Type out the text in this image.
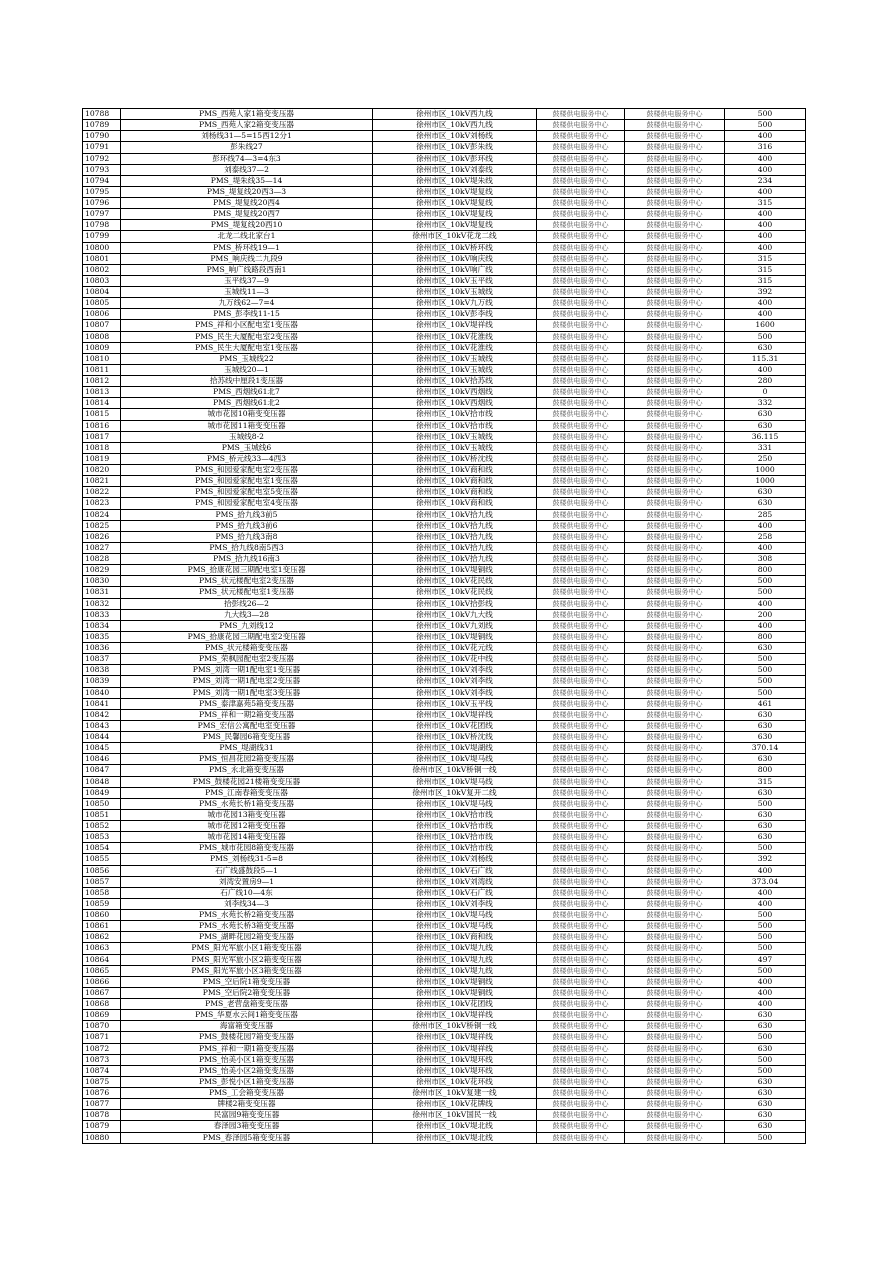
10788	PMS_西苑人家1箱变变压器	徐州市区_10kV西九线	鼓楼供电服务中心	鼓楼供电服务中心	500
10789	PMS_西苑人家2箱变变压器	徐州市区_10kV西九线	鼓楼供电服务中心	鼓楼供电服务中心	500
10790	刘杨线31—5=15西12分1	徐州市区_10kV刘杨线	鼓楼供电服务中心	鼓楼供电服务中心	400
10791	彭朱线27	徐州市区_10kV彭朱线	鼓楼供电服务中心	鼓楼供电服务中心	316
10792	彭环线74—3=4东3	徐州市区_10kV彭环线	鼓楼供电服务中心	鼓楼供电服务中心	400
10793	刘泰线37—2	徐州市区_10kV刘泰线	鼓楼供电服务中心	鼓楼供电服务中心	400
10794	PMS_堤朱线35—14	徐州市区_10kV堤朱线	鼓楼供电服务中心	鼓楼供电服务中心	234
10795	PMS_堤复线20西3—3	徐州市区_10kV堤复线	鼓楼供电服务中心	鼓楼供电服务中心	400
10796	PMS_堤复线20西4	徐州市区_10kV堤复线	鼓楼供电服务中心	鼓楼供电服务中心	315
10797	PMS_堤复线20西7	徐州市区_10kV堤复线	鼓楼供电服务中心	鼓楼供电服务中心	400
10798	PMS_堤复线20西10	徐州市区_10kV堤复线	鼓楼供电服务中心	鼓楼供电服务中心	400
10799	北龙二线北家台1	徐州市区_10kV花龙二线	鼓楼供电服务中心	鼓楼供电服务中心	400
10800	PMS_桥环线19—1	徐州市区_10kV桥环线	鼓楼供电服务中心	鼓楼供电服务中心	400
10801	PMS_响庆线二九段9	徐州市区_10kV响庆线	鼓楼供电服务中心	鼓楼供电服务中心	315
10802	PMS_响广线路段西南1	徐州市区_10kV响广线	鼓楼供电服务中心	鼓楼供电服务中心	315
10803	玉平线37—9	徐州市区_10kV玉平线	鼓楼供电服务中心	鼓楼供电服务中心	315
10804	玉城线11—3	徐州市区_10kV玉城线	鼓楼供电服务中心	鼓楼供电服务中心	392
10805	九万线62—7=4	徐州市区_10kV九万线	鼓楼供电服务中心	鼓楼供电服务中心	400
10806	PMS_彭李线11-15	徐州市区_10kV彭李线	鼓楼供电服务中心	鼓楼供电服务中心	400
10807	PMS_祥和小区配电室1变压器	徐州市区_10kV堤祥线	鼓楼供电服务中心	鼓楼供电服务中心	1600
10808	PMS_民生大厦配电室2变压器	徐州市区_10kV花淮线	鼓楼供电服务中心	鼓楼供电服务中心	500
10809	PMS_民生大厦配电室1变压器	徐州市区_10kV花淮线	鼓楼供电服务中心	鼓楼供电服务中心	630
10810	PMS_玉城线22	徐州市区_10kV玉城线	鼓楼供电服务中心	鼓楼供电服务中心	115.31
10811	玉城线20—1	徐州市区_10kV玉城线	鼓楼供电服务中心	鼓楼供电服务中心	400
10812	拾苏线中厘段1变压器	徐州市区_10kV拾苏线	鼓楼供电服务中心	鼓楼供电服务中心	280
10813	PMS_西烟线61北7	徐州市区_10kV西烟线	鼓楼供电服务中心	鼓楼供电服务中心	0
10814	PMS_西烟线61北2	徐州市区_10kV西烟线	鼓楼供电服务中心	鼓楼供电服务中心	332
10815	城市花园10箱变变压器	徐州市区_10kV拾市线	鼓楼供电服务中心	鼓楼供电服务中心	630
10816	城市花园11箱变变压器	徐州市区_10kV拾市线	鼓楼供电服务中心	鼓楼供电服务中心	630
10817	玉城线8-2	徐州市区_10kV玉城线	鼓楼供电服务中心	鼓楼供电服务中心	36.115
10818	PMS_玉城线6	徐州市区_10kV玉城线	鼓楼供电服务中心	鼓楼供电服务中心	331
10819	PMS_桥元线33—4西3	徐州市区_10kV桥沈线	鼓楼供电服务中心	鼓楼供电服务中心	250
10820	PMS_和园爱家配电室2变压器	徐州市区_10kV商和线	鼓楼供电服务中心	鼓楼供电服务中心	1000
10821	PMS_和园爱家配电室1变压器	徐州市区_10kV商和线	鼓楼供电服务中心	鼓楼供电服务中心	1000
10822	PMS_和园爱家配电室5变压器	徐州市区_10kV商和线	鼓楼供电服务中心	鼓楼供电服务中心	630
10823	PMS_和园爱家配电室4变压器	徐州市区_10kV商和线	鼓楼供电服务中心	鼓楼供电服务中心	630
10824	PMS_拾九线3前5	徐州市区_10kV拾九线	鼓楼供电服务中心	鼓楼供电服务中心	285
10825	PMS_拾九线3前6	徐州市区_10kV拾九线	鼓楼供电服务中心	鼓楼供电服务中心	400
10826	PMS_拾九线3南8	徐州市区_10kV拾九线	鼓楼供电服务中心	鼓楼供电服务中心	258
10827	PMS_拾九线8南5西3	徐州市区_10kV拾九线	鼓楼供电服务中心	鼓楼供电服务中心	400
10828	PMS_拾九线16南3	徐州市区_10kV拾九线	鼓楼供电服务中心	鼓楼供电服务中心	308
10829	PMS_拾康花园三期配电室1变压器	徐州市区_10kV堤铜线	鼓楼供电服务中心	鼓楼供电服务中心	800
10830	PMS_状元楼配电室2变压器	徐州市区_10kV花民线	鼓楼供电服务中心	鼓楼供电服务中心	500
10831	PMS_状元楼配电室1变压器	徐州市区_10kV花民线	鼓楼供电服务中心	鼓楼供电服务中心	500
10832	拾彭线26—2	徐州市区_10kV拾彭线	鼓楼供电服务中心	鼓楼供电服务中心	400
10833	九大线3—28	徐州市区_10kV九大线	鼓楼供电服务中心	鼓楼供电服务中心	200
10834	PMS_九刘线12	徐州市区_10kV九刘线	鼓楼供电服务中心	鼓楼供电服务中心	400
10835	PMS_拾康花园三期配电室2变压器	徐州市区_10kV堤铜线	鼓楼供电服务中心	鼓楼供电服务中心	800
10836	PMS_状元楼箱变变压器	徐州市区_10kV花元线	鼓楼供电服务中心	鼓楼供电服务中心	630
10837	PMS_荣枫园配电室2变压器	徐州市区_10kV花中线	鼓楼供电服务中心	鼓楼供电服务中心	500
10838	PMS_刘湾一期1配电室1变压器	徐州市区_10kV刘李线	鼓楼供电服务中心	鼓楼供电服务中心	500
10839	PMS_刘湾一期1配电室2变压器	徐州市区_10kV刘李线	鼓楼供电服务中心	鼓楼供电服务中心	500
10840	PMS_刘湾一期1配电室3变压器	徐州市区_10kV刘李线	鼓楼供电服务中心	鼓楼供电服务中心	500
10841	PMS_泰津嘉苑5箱变变压器	徐州市区_10kV玉平线	鼓楼供电服务中心	鼓楼供电服务中心	461
10842	PMS_祥和一期2箱变变压器	徐州市区_10kV堤祥线	鼓楼供电服务中心	鼓楼供电服务中心	630
10843	PMS_宏信公寓配电室变压器	徐州市区_10kV花团线	鼓楼供电服务中心	鼓楼供电服务中心	630
10844	PMS_民馨园6箱变变压器	徐州市区_10kV桥沈线	鼓楼供电服务中心	鼓楼供电服务中心	630
10845	PMS_堤湖线31	徐州市区_10kV堤湖线	鼓楼供电服务中心	鼓楼供电服务中心	370.14
10846	PMS_恒昌花园2箱变变压器	徐州市区_10kV堤马线	鼓楼供电服务中心	鼓楼供电服务中心	630
10847	PMS_永北箱变变压器	徐州市区_10kV桥铜一线	鼓楼供电服务中心	鼓楼供电服务中心	800
10848	PMS_鼓楼花园21楼箱变变压器	徐州市区_10kV堤马线	鼓楼供电服务中心	鼓楼供电服务中心	315
10849	PMS_江南春箱变变压器	徐州市区_10kV复开二线	鼓楼供电服务中心	鼓楼供电服务中心	630
10850	PMS_水苑长桥1箱变变压器	徐州市区_10kV堤马线	鼓楼供电服务中心	鼓楼供电服务中心	500
10851	城市花园13箱变变压器	徐州市区_10kV拾市线	鼓楼供电服务中心	鼓楼供电服务中心	630
10852	城市花园12箱变变压器	徐州市区_10kV拾市线	鼓楼供电服务中心	鼓楼供电服务中心	630
10853	城市花园14箱变变压器	徐州市区_10kV拾市线	鼓楼供电服务中心	鼓楼供电服务中心	630
10854	PMS_城市花园8箱变变压器	徐州市区_10kV拾市线	鼓楼供电服务中心	鼓楼供电服务中心	500
10855	PMS_刘杨线31-5=8	徐州市区_10kV刘杨线	鼓楼供电服务中心	鼓楼供电服务中心	392
10856	石广线盛鼓段5—1	徐州市区_10kV石广线	鼓楼供电服务中心	鼓楼供电服务中心	400
10857	刘湾安置房9—1	徐州市区_10kV刘湾线	鼓楼供电服务中心	鼓楼供电服务中心	373.04
10858	石广线10—4东	徐州市区_10kV石广线	鼓楼供电服务中心	鼓楼供电服务中心	400
10859	刘李线34—3	徐州市区_10kV刘李线	鼓楼供电服务中心	鼓楼供电服务中心	400
10860	PMS_水苑长桥2箱变变压器	徐州市区_10kV堤马线	鼓楼供电服务中心	鼓楼供电服务中心	500
10861	PMS_水苑长桥3箱变变压器	徐州市区_10kV堤马线	鼓楼供电服务中心	鼓楼供电服务中心	500
10862	PMS_湖畔花园2箱变变压器	徐州市区_10kV商和线	鼓楼供电服务中心	鼓楼供电服务中心	500
10863	PMS_阳光军旅小区1箱变变压器	徐州市区_10kV堤九线	鼓楼供电服务中心	鼓楼供电服务中心	500
10864	PMS_阳光军旅小区2箱变变压器	徐州市区_10kV堤九线	鼓楼供电服务中心	鼓楼供电服务中心	497
10865	PMS_阳光军旅小区3箱变变压器	徐州市区_10kV堤九线	鼓楼供电服务中心	鼓楼供电服务中心	500
10866	PMS_空后院1箱变变压器	徐州市区_10kV堤铜线	鼓楼供电服务中心	鼓楼供电服务中心	400
10867	PMS_空后院2箱变变压器	徐州市区_10kV堤铜线	鼓楼供电服务中心	鼓楼供电服务中心	400
10868	PMS_老营盘箱变变压器	徐州市区_10kV花团线	鼓楼供电服务中心	鼓楼供电服务中心	400
10869	PMS_华夏水云间1箱变变压器	徐州市区_10kV堤祥线	鼓楼供电服务中心	鼓楼供电服务中心	630
10870	海富箱变变压器	徐州市区_10kV桥铜一线	鼓楼供电服务中心	鼓楼供电服务中心	630
10871	PMS_鼓楼花园7箱变变压器	徐州市区_10kV堤祥线	鼓楼供电服务中心	鼓楼供电服务中心	500
10872	PMS_祥和一期1箱变变压器	徐州市区_10kV堤祥线	鼓楼供电服务中心	鼓楼供电服务中心	630
10873	PMS_怡美小区1箱变变压器	徐州市区_10kV堤环线	鼓楼供电服务中心	鼓楼供电服务中心	500
10874	PMS_怡美小区2箱变变压器	徐州市区_10kV堤环线	鼓楼供电服务中心	鼓楼供电服务中心	500
10875	PMS_彭悦小区1箱变变压器	徐州市区_10kV花环线	鼓楼供电服务中心	鼓楼供电服务中心	630
10876	PMS_工会箱变变压器	徐州市区_10kV复建一线	鼓楼供电服务中心	鼓楼供电服务中心	630
10877	牌楼2箱变变压器	徐州市区_10kV花牌线	鼓楼供电服务中心	鼓楼供电服务中心	630
10878	民富园9箱变变压器	徐州市区_10kV国民一线	鼓楼供电服务中心	鼓楼供电服务中心	630
10879	春泽园3箱变变压器	徐州市区_10kV堤北线	鼓楼供电服务中心	鼓楼供电服务中心	630
10880	PMS_春泽园5箱变变压器	徐州市区_10kV堤北线	鼓楼供电服务中心	鼓楼供电服务中心	500
